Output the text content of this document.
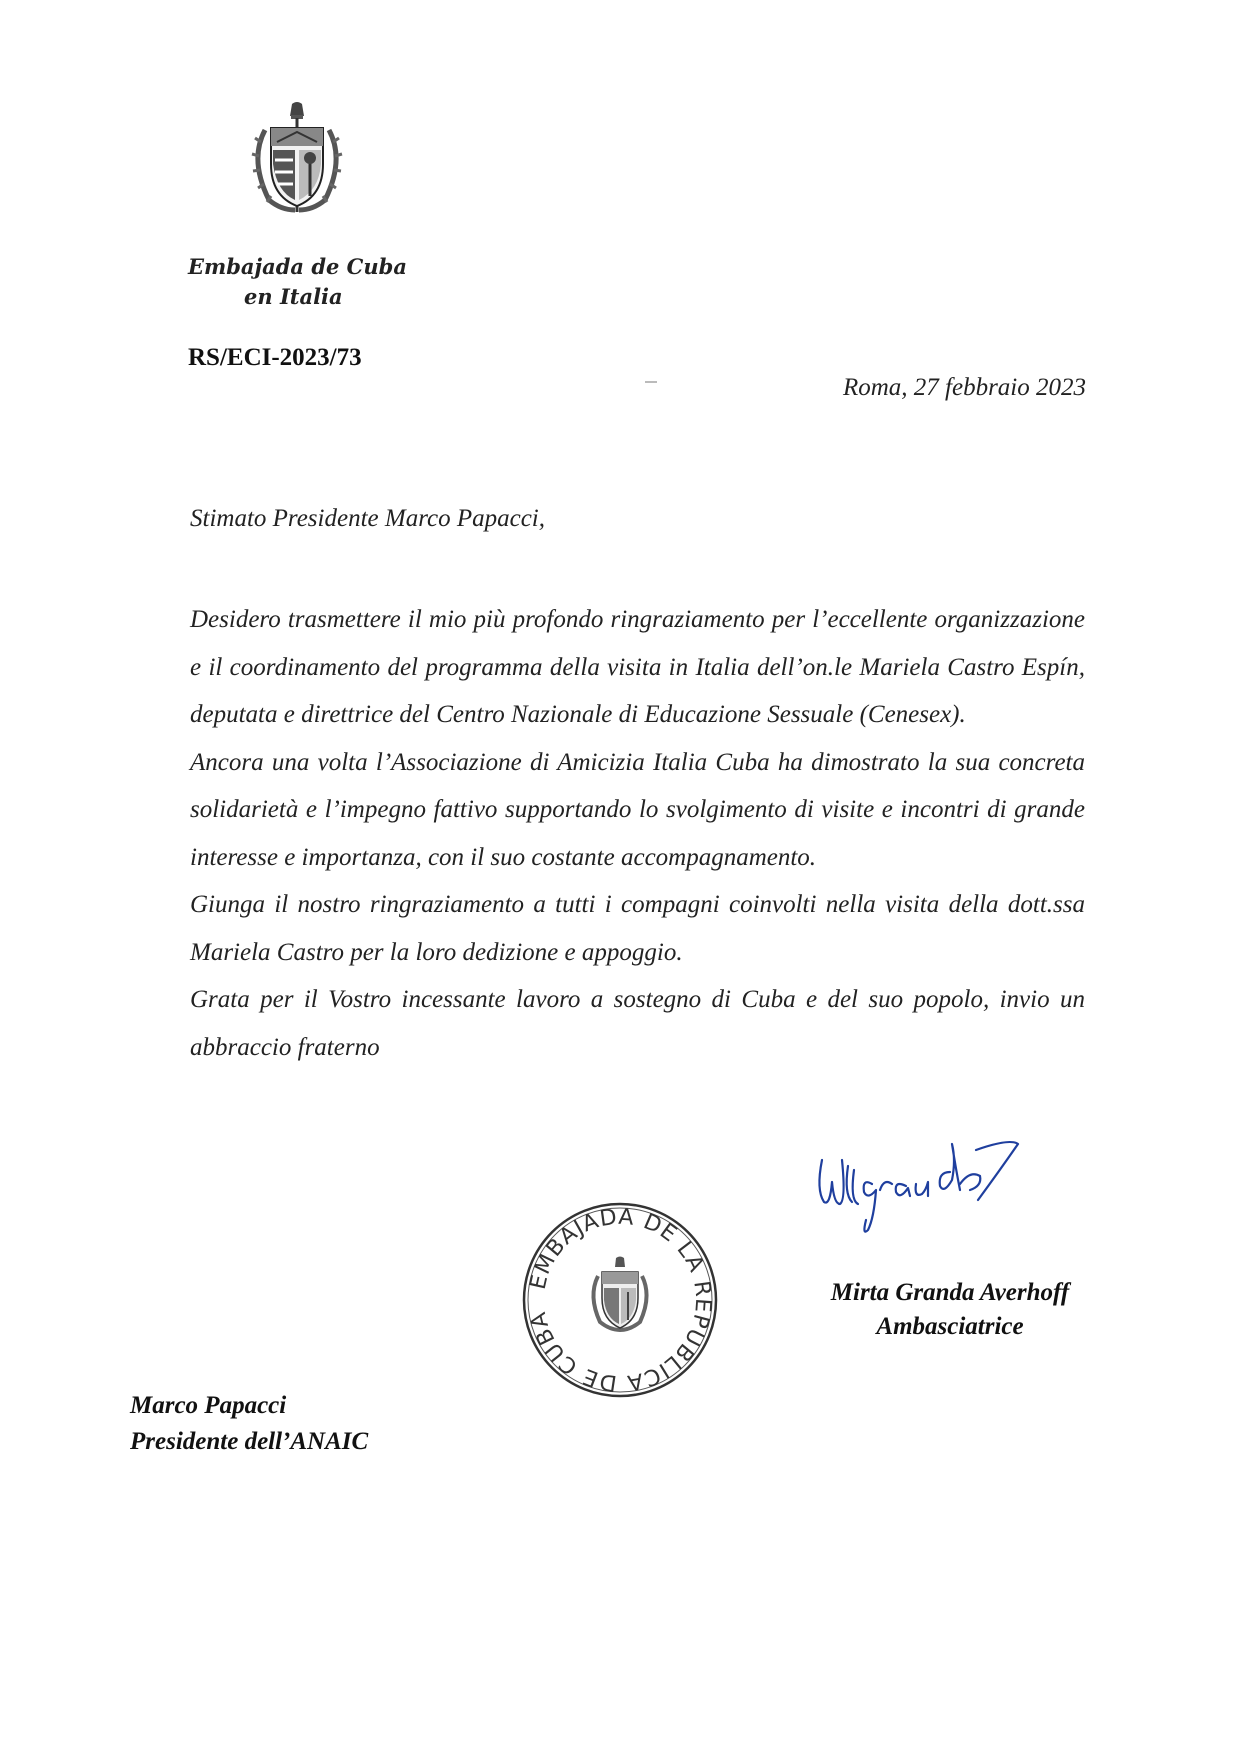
Embajada de Cuba
en Italia
RS/ECI-2023/73
Roma, 27 febbraio 2023
Stimato Presidente Marco Papacci,

Desidero trasmettere il mio più profondo ringraziamento per l’eccellente organizzazione e il coordinamento del programma della visita in Italia dell’on.le Mariela Castro Espín, deputata e direttrice del Centro Nazionale di Educazione Sessuale (Cenesex).

Ancora una volta l’Associazione di Amicizia Italia Cuba ha dimostrato la sua concreta solidarietà e l’impegno fattivo supportando lo svolgimento di visite e incontri di grande interesse e importanza, con il suo costante accompagnamento.

Giunga il nostro ringraziamento a tutti i compagni coinvolti nella visita della dott.ssa Mariela Castro per la loro dedizione e appoggio.

Grata per il Vostro incessante lavoro a sostegno di Cuba e del suo popolo, invio un abbraccio fraterno

EMBAJADA DE LA REPUBLICA DE CUBA
Mirta Granda Averhoff
Ambasciatrice
Marco Papacci
Presidente dell’ANAIC
